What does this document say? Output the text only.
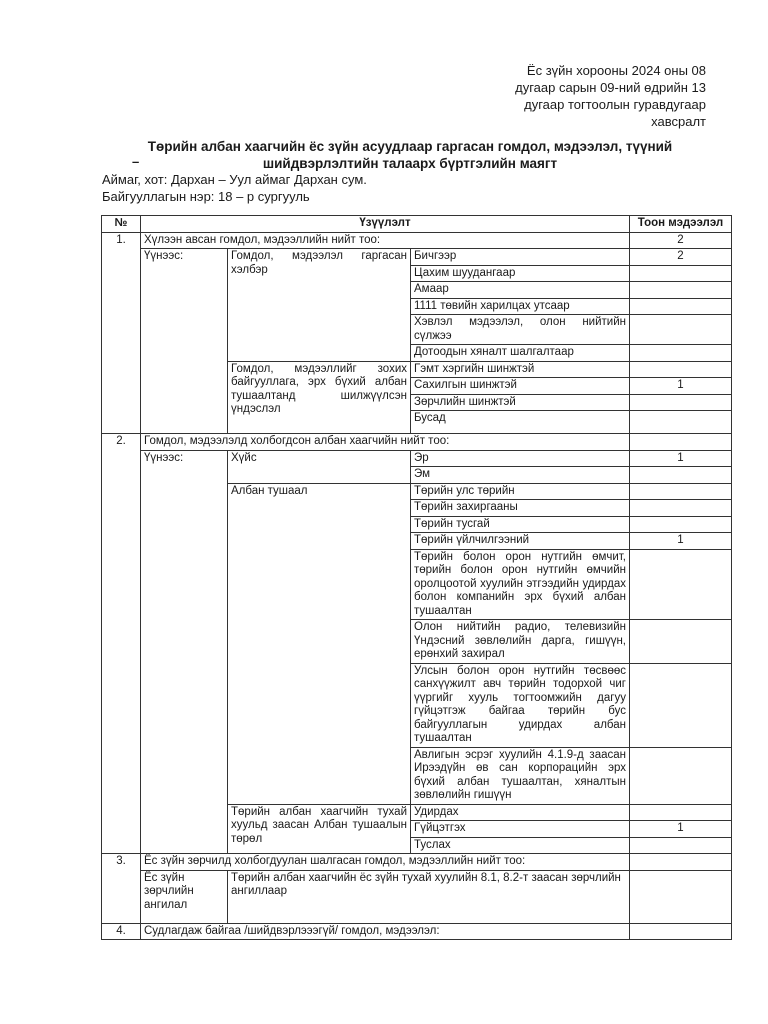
Ёс зүйн хорооны 2024 оны 08
дугаар сарын 09-ний өдрийн 13
дугаар тогтоолын гуравдугаар
хавсралт
Төрийн албан хаагчийн ёс зүйн асуудлаар гаргасан гомдол, мэдээлэл, түүний
шийдвэрлэлтийн талаарх бүртгэлийн маягт
–
Аймаг, хот: Дархан – Уул аймаг Дархан сум.
Байгууллагын нэр: 18 – р сургууль
№	Үзүүлэлт			Тоон мэдээлэл
1.	Хүлээн авсан гомдол, мэдээллийн нийт тоо:			2
	Үүнээс:	Гомдол, мэдээлэл гаргасан хэлбэр	Бичгээр	2
			Цахим шуудангаар	
			Амаар	
			1111 төвийн харилцах утсаар	
			Хэвлэл мэдээлэл, олон нийтийн сүлжээ	
			Дотоодын хяналт шалгалтаар	
		Гомдол, мэдээллийг зохих байгууллага, эрх бүхий албан тушаалтанд шилжүүлсэн үндэслэл	Гэмт хэргийн шинжтэй	
			Сахилгын шинжтэй	1
			Зөрчлийн шинжтэй	
			Бусад	
2.	Гомдол, мэдээлэлд холбогдсон албан хаагчийн нийт тоо:			
	Үүнээс:	Хүйс	Эр	1
			Эм	
		Албан тушаал	Төрийн улс төрийн	
			Төрийн захиргааны	
			Төрийн тусгай	
			Төрийн үйлчилгээний	1
			Төрийн болон орон нутгийн өмчит, төрийн болон орон нутгийн өмчийн оролцоотой хуулийн этгээдийн удирдах болон компанийн эрх бүхий албан тушаалтан	
			Олон нийтийн радио, телевизийн Үндэсний зөвлөлийн дарга, гишүүн, ерөнхий захирал	
			Улсын болон орон нутгийн төсвөөс санхүүжилт авч төрийн тодорхой чиг үүргийг хууль тогтоомжийн дагуу гүйцэтгэж байгаа төрийн бус байгууллагын удирдах албан тушаалтан	
			Авлигын эсрэг хуулийн 4.1.9-д заасан Ирээдүйн өв сан корпорацийн эрх бүхий албан тушаалтан, хяналтын зөвлөлийн гишүүн	
		Төрийн албан хаагчийн тухай хуульд заасан Албан тушаалын төрөл	Удирдах	
			Гүйцэтгэх	1
			Туслах	
3.	Ёс зүйн зөрчилд холбогдуулан шалгасан гомдол, мэдээллийн нийт тоо:			
	Ёс зүйн зөрчлийн ангилал	Төрийн албан хаагчийн ёс зүйн тухай хуулийн 8.1, 8.2-т заасан зөрчлийн ангиллаар		
4.	Судлагдаж байгаа /шийдвэрлэээгүй/ гомдол, мэдээлэл:			
